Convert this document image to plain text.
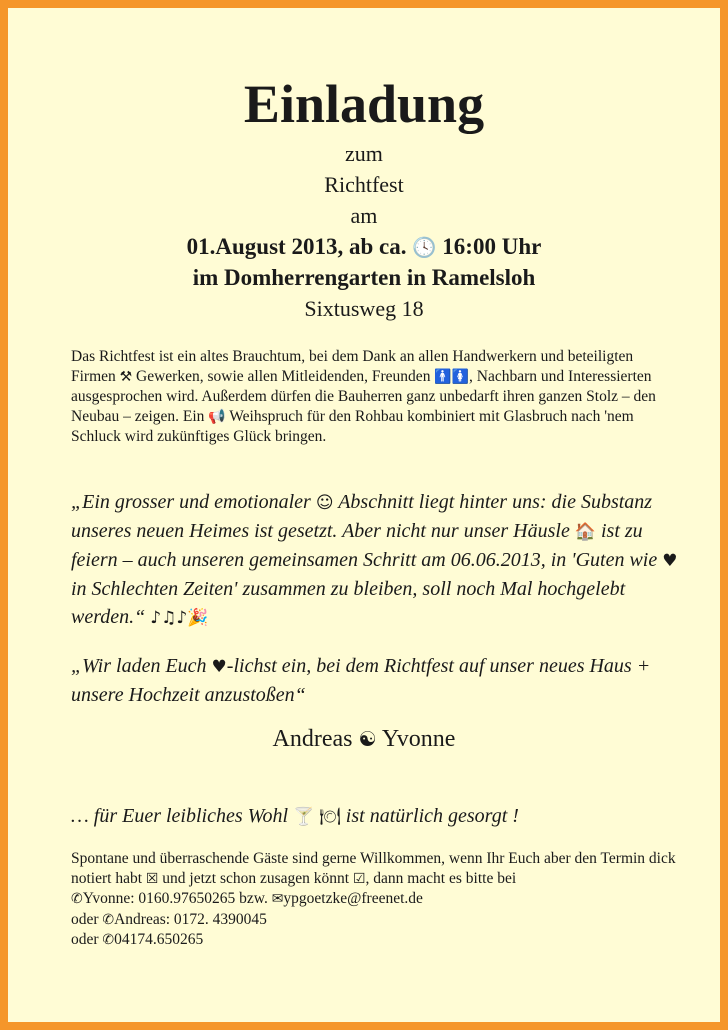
Einladung
zum
Richtfest
am
01.August 2013, ab ca. 🕓 16:00 Uhr
im Domherrengarten in Ramelsloh
Sixtusweg 18
Das Richtfest ist ein altes Brauchtum, bei dem Dank an allen Handwerkern und beteiligten Firmen ⚒ Gewerken, sowie allen Mitleidenden, Freunden 🚹🚺, Nachbarn und Interessierten ausgesprochen wird. Außerdem dürfen die Bauherren ganz unbedarft ihren ganzen Stolz – den Neubau – zeigen. Ein 📢 Weihspruch für den Rohbau kombiniert mit Glasbruch nach 'nem Schluck wird zukünftiges Glück bringen.
„Ein grosser und emotionaler ☺ Abschnitt liegt hinter uns: die Substanz unseres neuen Heimes ist gesetzt. Aber nicht nur unser Häusle 🏠 ist zu feiern – auch unseren gemeinsamen Schritt am 06.06.2013, in 'Guten wie ♥ in Schlechten Zeiten' zusammen zu bleiben, soll noch Mal hochgelebt werden.“ ♪♫♪🎉
„Wir laden Euch ♥-lichst ein, bei dem Richtfest auf unser neues Haus + unsere Hochzeit anzustoßen“
Andreas ☯ Yvonne
… für Euer leibliches Wohl 🍸 🍽 ist natürlich gesorgt !
Spontane und überraschende Gäste sind gerne Willkommen, wenn Ihr Euch aber den Termin dick notiert habt ☒ und jetzt schon zusagen könnt ☑, dann macht es bitte bei
✆Yvonne: 0160.97650265 bzw. ✉ypgoetzke@freenet.de
oder ✆Andreas: 0172. 4390045
oder ✆04174.650265
